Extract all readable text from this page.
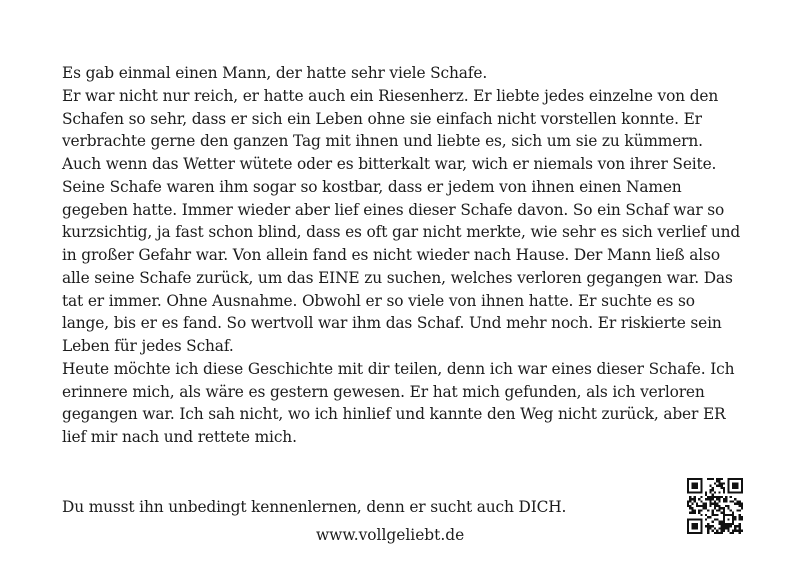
Es gab einmal einen Mann, der hatte sehr viele Schafe.

Er war nicht nur reich, er hatte auch ein Riesenherz. Er liebte jedes einzelne von den Schafen so sehr, dass er sich ein Leben ohne sie einfach nicht vorstellen konnte. Er verbrachte gerne den ganzen Tag mit ihnen und liebte es, sich um sie zu kümmern. Auch wenn das Wetter wütete oder es bitterkalt war, wich er niemals von ihrer Seite. Seine Schafe waren ihm sogar so kostbar, dass er jedem von ihnen einen Namen gegeben hatte. Immer wieder aber lief eines dieser Schafe davon. So ein Schaf war so kurzsichtig, ja fast schon blind, dass es oft gar nicht merkte, wie sehr es sich verlief und in großer Gefahr war. Von allein fand es nicht wieder nach Hause. Der Mann ließ also alle seine Schafe zurück, um das EINE zu suchen, welches verloren gegangen war. Das tat er immer. Ohne Ausnahme. Obwohl er so viele von ihnen hatte. Er suchte es so lange, bis er es fand. So wertvoll war ihm das Schaf. Und mehr noch. Er riskierte sein Leben für jedes Schaf.

Heute möchte ich diese Geschichte mit dir teilen, denn ich war eines dieser Schafe. Ich erinnere mich, als wäre es gestern gewesen. Er hat mich gefunden, als ich verloren gegangen war. Ich sah nicht, wo ich hinlief und kannte den Weg nicht zurück, aber ER lief mir nach und rettete mich.

Du musst ihn unbedingt kennenlernen, denn er sucht auch DICH.
www.vollgeliebt.de
